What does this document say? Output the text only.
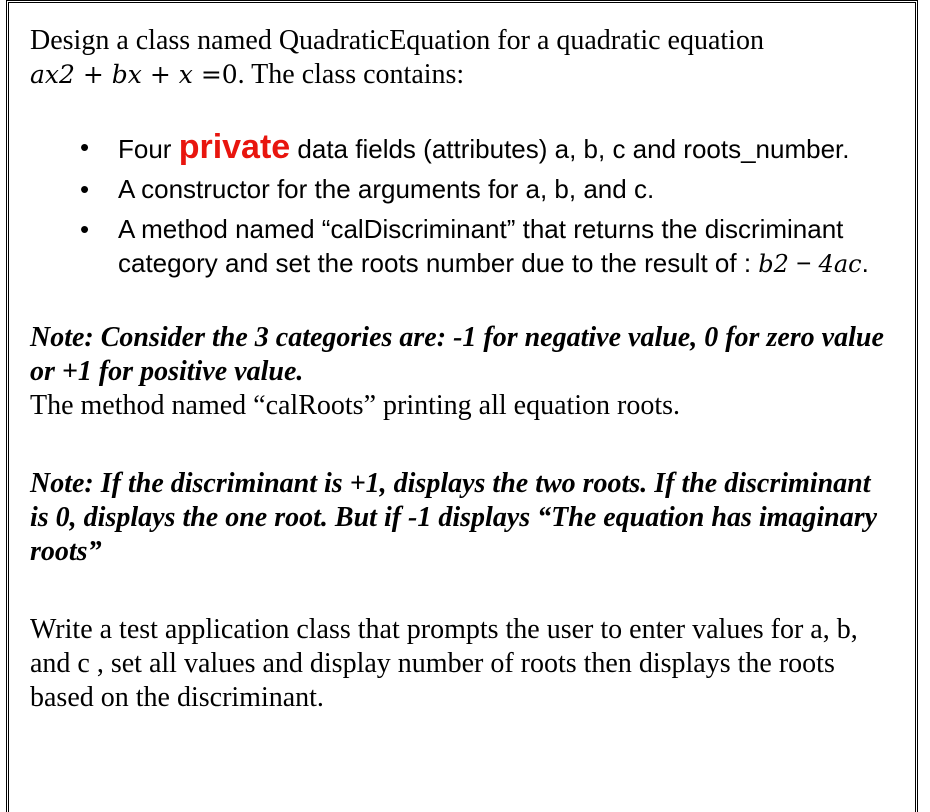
Design a class named QuadraticEquation for a quadratic equation
ax2 + bx + x =0. The class contains:

• Four private data fields (attributes) a, b, c and roots_number.
• A constructor for the arguments for a, b, and c.
• A method named “calDiscriminant” that returns the discriminant category and set the roots number due to the result of : b2 − 4ac.

Note: Consider the 3 categories are: -1 for negative value, 0 for zero value or +1 for positive value.

The method named “calRoots” printing all equation roots.

Note: If the discriminant is +1, displays the two roots. If the discriminant is 0, displays the one root. But if -1 displays “The equation has imaginary roots”

Write a test application class that prompts the user to enter values for a, b, and c , set all values and display number of roots then displays the roots based on the discriminant.
